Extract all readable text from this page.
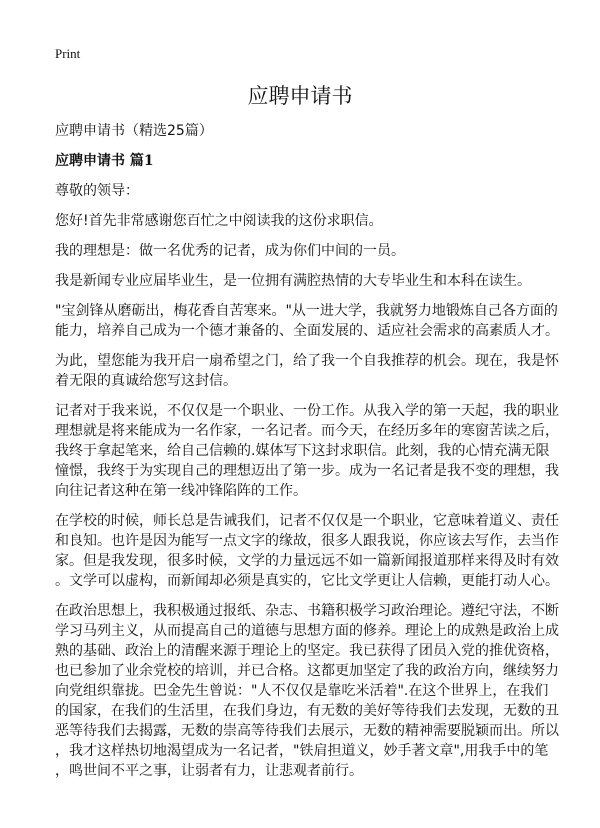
Print
应聘申请书

应聘申请书（精选25篇）

应聘申请书 篇1

尊敬的领导：

您好!首先非常感谢您百忙之中阅读我的这份求职信。

我的理想是：做一名优秀的记者，成为你们中间的一员。

我是新闻专业应届毕业生，是一位拥有满腔热情的大专毕业生和本科在读生。

"宝剑锋从磨砺出，梅花香自苦寒来。"从一进大学，我就努力地锻炼自己各方面的
能力，培养自己成为一个德才兼备的、全面发展的、适应社会需求的高素质人才。

为此，望您能为我开启一扇希望之门，给了我一个自我推荐的机会。现在，我是怀
着无限的真诚给您写这封信。

记者对于我来说，不仅仅是一个职业、一份工作。从我入学的第一天起，我的职业
理想就是将来能成为一名作家，一名记者。而今天，在经历多年的寒窗苦读之后，
我终于拿起笔来，给自己信赖的.媒体写下这封求职信。此刻，我的心情充满无限
憧憬，我终于为实现自己的理想迈出了第一步。成为一名记者是我不变的理想，我
向往记者这种在第一线冲锋陷阵的工作。

在学校的时候，师长总是告诫我们，记者不仅仅是一个职业，它意味着道义、责任
和良知。也许是因为能写一点文字的缘故，很多人跟我说，你应该去写作，去当作
家。但是我发现，很多时候，文学的力量远远不如一篇新闻报道那样来得及时有效
。文学可以虚构，而新闻却必须是真实的，它比文学更让人信赖，更能打动人心。

在政治思想上，我积极通过报纸、杂志、书籍积极学习政治理论。遵纪守法，不断
学习马列主义，从而提高自己的道德与思想方面的修养。理论上的成熟是政治上成
熟的基础、政治上的清醒来源于理论上的坚定。我已获得了团员入党的推优资格，
也已参加了业余党校的培训，并已合格。这都更加坚定了我的政治方向，继续努力
向党组织靠拢。巴金先生曾说："人不仅仅是靠吃米活着".在这个世界上，在我们
的国家，在我们的生活里，在我们身边，有无数的美好等待我们去发现，无数的丑
恶等待我们去揭露，无数的崇高等待我们去展示，无数的精神需要脱颖而出。所以
，我才这样热切地渴望成为一名记者，"铁肩担道义，妙手著文章",用我手中的笔
，鸣世间不平之事，让弱者有力，让悲观者前行。
